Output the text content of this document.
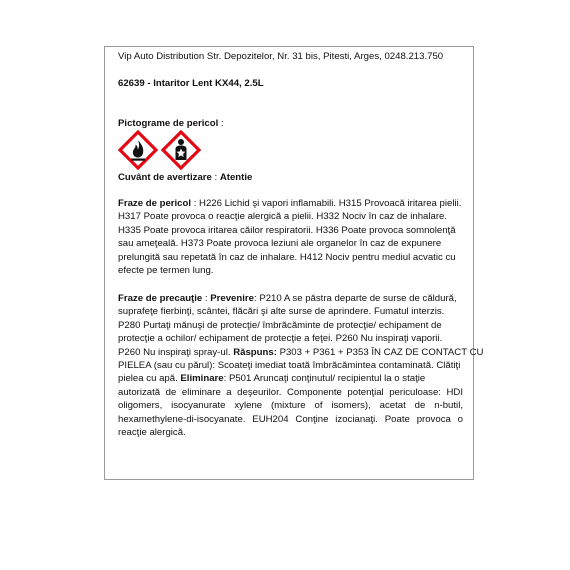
Vip Auto Distribution Str. Depozitelor, Nr. 31 bis, Pitesti, Arges, 0248.213.750
62639 - Intaritor Lent KX44, 2.5L
Pictograme de pericol :
Cuvânt de avertizare : Atentie
Fraze de pericol : H226 Lichid şi vapori inflamabili. H315 Provoacă iritarea pielii.
H317 Poate provoca o reacţie alergică a pielii. H332 Nociv în caz de inhalare.
H335 Poate provoca iritarea căilor respiratorii. H336 Poate provoca somnolenţă
sau ameţeală. H373 Poate provoca leziuni ale organelor în caz de expunere
prelungită sau repetată în caz de inhalare. H412 Nociv pentru mediul acvatic cu
efecte pe termen lung.
Fraze de precauţie : Prevenire: P210 A se păstra departe de surse de căldură,
suprafeţe fierbinţi, scântei, flăcări şi alte surse de aprindere. Fumatul interzis.
P280 Purtaţi mănuşi de protecţie/ îmbrăcăminte de protecţie/ echipament de
protecţie a ochilor/ echipament de protecţie a feţei. P260 Nu inspiraţi vaporii.
P260 Nu inspiraţi spray-ul. Răspuns: P303 + P361 + P353 ÎN CAZ DE CONTACT CU
PIELEA (sau cu părul): Scoateţi imediat toată îmbrăcămintea contaminată. Clătiţi
pielea cu apă. Eliminare: P501 Aruncaţi conţinutul/ recipientul la o staţie
autorizată de eliminare a deşeurilor. Componente potenţial periculoase: HDI
oligomers, isocyanurate xylene (mixture of isomers), acetat de n-butil,
hexamethylene-di-isocyanate. EUH204 Conţine izocianaţi. Poate provoca o
reacţie alergică.
